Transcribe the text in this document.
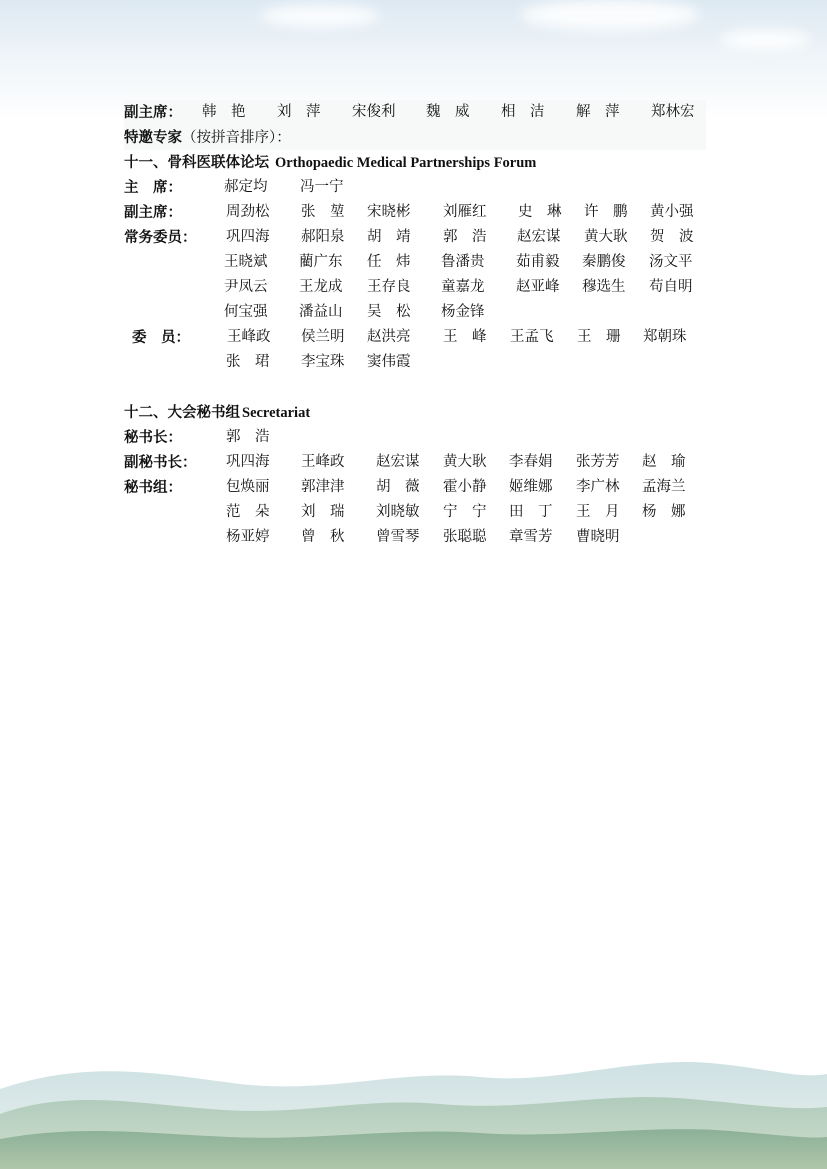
副主席： 韩　艳 刘　萍 宋俊利 魏　威 相　洁 解　萍 郑林宏
特邀专家（按拼音排序）：
十一、骨科医联体论坛 Orthopaedic Medical Partnerships Forum
主　席：	郝定均 冯一宁
副主席：	周劲松 张　堃 宋晓彬 刘雁红 史　琳 许　鹏 黄小强
常务委员： 巩四海 郝阳泉 胡　靖 郭　浩 赵宏谋 黄大耿 贺　波
王晓斌 藺广东 任　炜 鲁潘贵 茹甫毅 秦鹏俊 汤文平
尹凤云 王龙成 王存良 童嘉龙 赵亚峰 穆选生 苟自明
何宝强 潘益山 吴　松 杨金锋
委　员：	王峰政 侯兰明 赵洪亮 王　峰 王孟飞 王　珊 郑朝珠
张　珺 李宝珠 窦伟霞
十二、大会秘书组 Secretariat
秘书长：	郭　浩
副秘书长： 巩四海 王峰政 赵宏谋 黄大耿 李春娟 张芳芳 赵　瑜
秘书组：	包焕丽 郭津津 胡　薇 霍小静 姬维娜 李广林 孟海兰
范　朵 刘　瑞 刘晓敏 宁　宁 田　丁 王　月 杨　娜
杨亚婷 曾　秋 曾雪琴 张聪聪 章雪芳 曹晓明
